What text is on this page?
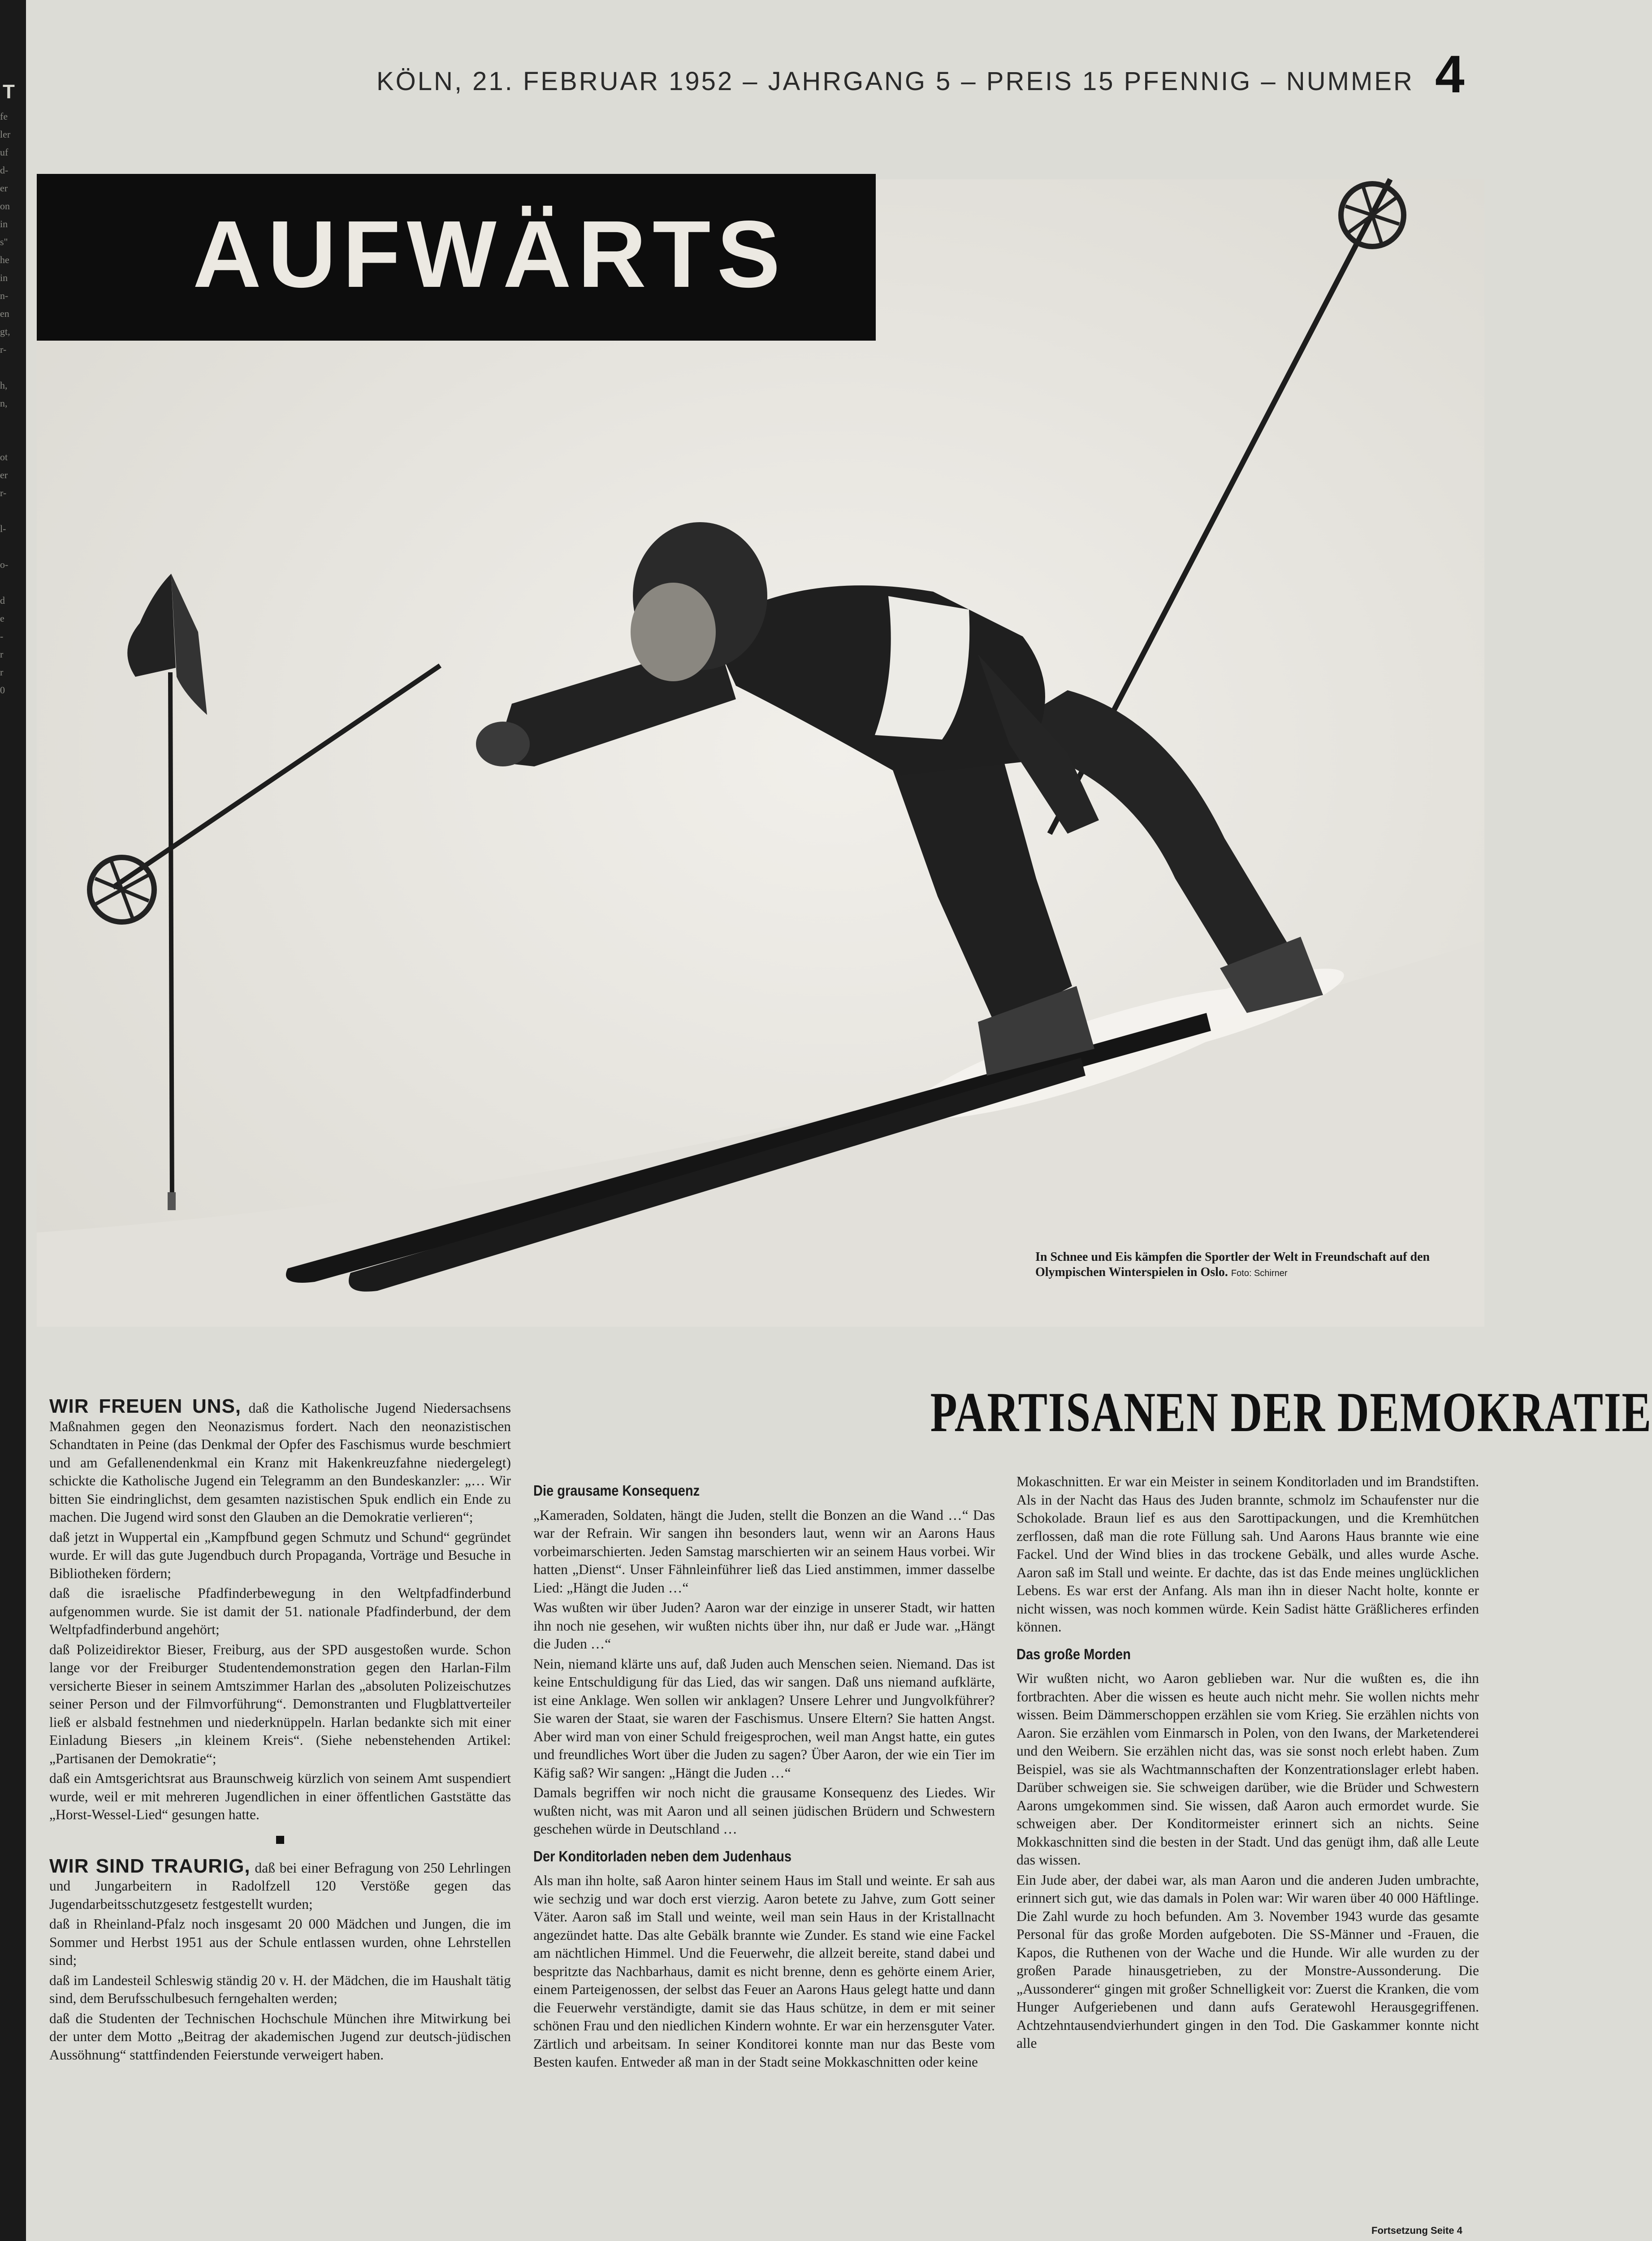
T
fe
ler
uf
d-
er
on
in
s"
he
in
n-
en
gt,
r-

h,
n,

ot
er
r-

l-

o-

d
e
-
r
r
0
KÖLN, 21. FEBRUAR 1952 – JAHRGANG 5 – PREIS 15 PFENNIG – NUMMER 4
AUFWÄRTS
In Schnee und Eis kämpfen die Sportler der Welt in Freundschaft auf den Olympischen Winterspielen in Oslo. Foto: Schirner
PARTISANEN DER DEMOKRATIE

WIR FREUEN UNS, daß die Katholische Jugend Niedersachsens Maßnahmen gegen den Neonazismus fordert. Nach den neonazistischen Schandtaten in Peine (das Denkmal der Opfer des Faschismus wurde beschmiert und am Gefallenendenkmal ein Kranz mit Hakenkreuzfahne niedergelegt) schickte die Katholische Jugend ein Telegramm an den Bundeskanzler: „… Wir bitten Sie eindringlichst, dem gesamten nazistischen Spuk endlich ein Ende zu machen. Die Jugend wird sonst den Glauben an die Demokratie verlieren“;

daß jetzt in Wuppertal ein „Kampfbund gegen Schmutz und Schund“ gegründet wurde. Er will das gute Jugendbuch durch Propaganda, Vorträge und Besuche in Bibliotheken fördern;

daß die israelische Pfadfinderbewegung in den Weltpfadfinderbund aufgenommen wurde. Sie ist damit der 51. nationale Pfadfinderbund, der dem Weltpfadfinderbund angehört;

daß Polizeidirektor Bieser, Freiburg, aus der SPD ausgestoßen wurde. Schon lange vor der Freiburger Studentendemonstration gegen den Harlan-Film versicherte Bieser in seinem Amtszimmer Harlan des „absoluten Polizeischutzes seiner Person und der Filmvorführung“. Demonstranten und Flugblattverteiler ließ er alsbald festnehmen und niederknüppeln. Harlan bedankte sich mit einer Einladung Biesers „in kleinem Kreis“. (Siehe nebenstehenden Artikel: „Partisanen der Demokratie“;

daß ein Amtsgerichtsrat aus Braunschweig kürzlich von seinem Amt suspendiert wurde, weil er mit mehreren Jugendlichen in einer öffentlichen Gaststätte das „Horst-Wessel-Lied“ gesungen hatte.

WIR SIND TRAURIG, daß bei einer Befragung von 250 Lehrlingen und Jungarbeitern in Radolfzell 120 Verstöße gegen das Jugendarbeitsschutzgesetz festgestellt wurden;

daß in Rheinland-Pfalz noch insgesamt 20 000 Mädchen und Jungen, die im Sommer und Herbst 1951 aus der Schule entlassen wurden, ohne Lehrstellen sind;

daß im Landesteil Schleswig ständig 20 v. H. der Mädchen, die im Haushalt tätig sind, dem Berufsschulbesuch ferngehalten werden;

daß die Studenten der Technischen Hochschule München ihre Mitwirkung bei der unter dem Motto „Beitrag der akademischen Jugend zur deutsch-jüdischen Aussöhnung“ stattfindenden Feierstunde verweigert haben.

Die grausame Konsequenz

„Kameraden, Soldaten, hängt die Juden, stellt die Bonzen an die Wand …“ Das war der Refrain. Wir sangen ihn besonders laut, wenn wir an Aarons Haus vorbeimarschierten. Jeden Samstag marschierten wir an seinem Haus vorbei. Wir hatten „Dienst“. Unser Fähnleinführer ließ das Lied anstimmen, immer dasselbe Lied: „Hängt die Juden …“

Was wußten wir über Juden? Aaron war der einzige in unserer Stadt, wir hatten ihn noch nie gesehen, wir wußten nichts über ihn, nur daß er Jude war. „Hängt die Juden …“

Nein, niemand klärte uns auf, daß Juden auch Menschen seien. Niemand. Das ist keine Entschuldigung für das Lied, das wir sangen. Daß uns niemand aufklärte, ist eine Anklage. Wen sollen wir anklagen? Unsere Lehrer und Jungvolkführer? Sie waren der Staat, sie waren der Faschismus. Unsere Eltern? Sie hatten Angst. Aber wird man von einer Schuld freigesprochen, weil man Angst hatte, ein gutes und freundliches Wort über die Juden zu sagen? Über Aaron, der wie ein Tier im Käfig saß? Wir sangen: „Hängt die Juden …“

Damals begriffen wir noch nicht die grausame Konsequenz des Liedes. Wir wußten nicht, was mit Aaron und all seinen jüdischen Brüdern und Schwestern geschehen würde in Deutschland …

Der Konditorladen neben dem Judenhaus

Als man ihn holte, saß Aaron hinter seinem Haus im Stall und weinte. Er sah aus wie sechzig und war doch erst vierzig. Aaron betete zu Jahve, zum Gott seiner Väter. Aaron saß im Stall und weinte, weil man sein Haus in der Kristallnacht angezündet hatte. Das alte Gebälk brannte wie Zunder. Es stand wie eine Fackel am nächtlichen Himmel. Und die Feuerwehr, die allzeit bereite, stand dabei und bespritzte das Nachbarhaus, damit es nicht brenne, denn es gehörte einem Arier, einem Parteigenossen, der selbst das Feuer an Aarons Haus gelegt hatte und dann die Feuerwehr verständigte, damit sie das Haus schütze, in dem er mit seiner schönen Frau und den niedlichen Kindern wohnte. Er war ein herzensguter Vater. Zärtlich und arbeitsam. In seiner Konditorei konnte man nur das Beste vom Besten kaufen. Entweder aß man in der Stadt seine Mokkaschnitten oder keine

Mokaschnitten. Er war ein Meister in seinem Konditorladen und im Brandstiften. Als in der Nacht das Haus des Juden brannte, schmolz im Schaufenster nur die Schokolade. Braun lief es aus den Sarottipackungen, und die Kremhütchen zerflossen, daß man die rote Füllung sah. Und Aarons Haus brannte wie eine Fackel. Und der Wind blies in das trockene Gebälk, und alles wurde Asche. Aaron saß im Stall und weinte. Er dachte, das ist das Ende meines unglücklichen Lebens. Es war erst der Anfang. Als man ihn in dieser Nacht holte, konnte er nicht wissen, was noch kommen würde. Kein Sadist hätte Gräßlicheres erfinden können.

Das große Morden

Wir wußten nicht, wo Aaron geblieben war. Nur die wußten es, die ihn fortbrachten. Aber die wissen es heute auch nicht mehr. Sie wollen nichts mehr wissen. Beim Dämmerschoppen erzählen sie vom Krieg. Sie erzählen nichts von Aaron. Sie erzählen vom Einmarsch in Polen, von den Iwans, der Marketenderei und den Weibern. Sie erzählen nicht das, was sie sonst noch erlebt haben. Zum Beispiel, was sie als Wachtmannschaften der Konzentrationslager erlebt haben. Darüber schweigen sie. Sie schweigen darüber, wie die Brüder und Schwestern Aarons umgekommen sind. Sie wissen, daß Aaron auch ermordet wurde. Sie schweigen aber. Der Konditormeister erinnert sich an nichts. Seine Mokkaschnitten sind die besten in der Stadt. Und das genügt ihm, daß alle Leute das wissen.

Ein Jude aber, der dabei war, als man Aaron und die anderen Juden umbrachte, erinnert sich gut, wie das damals in Polen war: Wir waren über 40 000 Häftlinge. Die Zahl wurde zu hoch befunden. Am 3. November 1943 wurde das gesamte Personal für das große Morden aufgeboten. Die SS-Männer und -Frauen, die Kapos, die Ruthenen von der Wache und die Hunde. Wir alle wurden zu der großen Parade hinausgetrieben, zu der Monstre-Aussonderung. Die „Aussonderer“ gingen mit großer Schnelligkeit vor: Zuerst die Kranken, die vom Hunger Aufgeriebenen und dann aufs Geratewohl Herausgegriffenen. Achtzehntausendvierhundert gingen in den Tod. Die Gaskammer konnte nicht alle

Fortsetzung Seite 4
